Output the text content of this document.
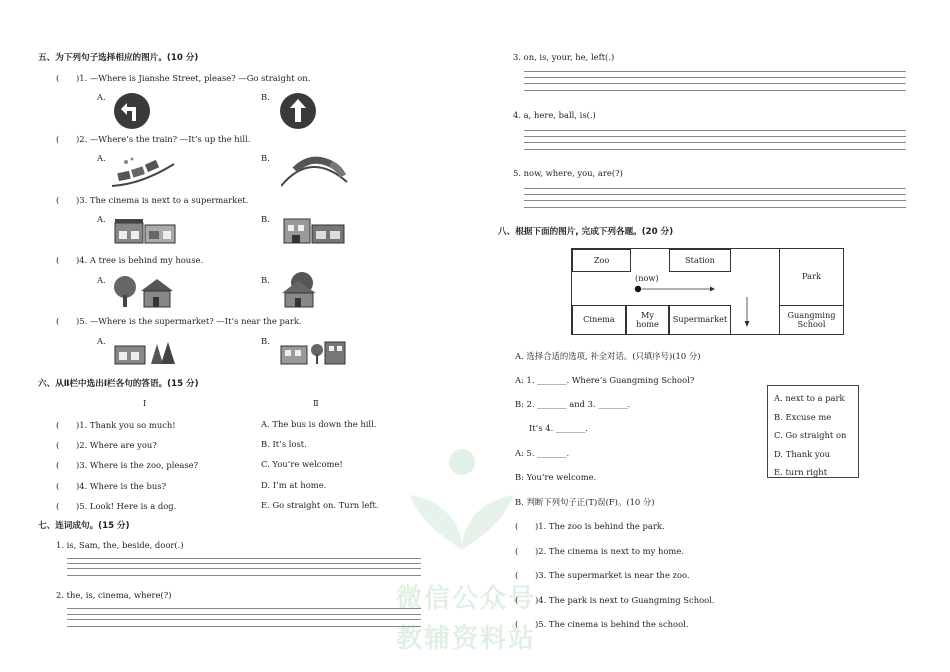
微信公众号
教辅资料站
五、为下列句子选择相应的图片。(10 分)
(　　)1. —Where is Jianshe Street, please? —Go straight on.
A.	B.
(　　)2. —Where’s the train? —It’s up the hill.
A.	B.
(　　)3. The cinema is next to a supermarket.
A.	B.
(　　)4. A tree is behind my house.
A.	B.
(　　)5. —Where is the supermarket? —It’s near the park.
A.	B.
六、从Ⅱ栏中选出Ⅰ栏各句的答语。(15 分)
Ⅰ	Ⅱ
(　　)1. Thank you so much!	A. The bus is down the hill.
(　　)2. Where are you?	B. It’s lost.
(　　)3. Where is the zoo, please?	C. You’re welcome!
(　　)4. Where is the bus?	D. I’m at home.
(　　)5. Look! Here is a dog.	E. Go straight on. Turn left.
七、连词成句。(15 分)
1. is, Sam, the, beside, door(.)
2. the, is, cinema, where(?)
3. on, is, your, he, left(.)
4. a, here, ball, is(.)
5. now, where, you, are(?)
八、根据下面的图片, 完成下列各题。(20 分)
Zoo	Station
Park
(now)
Cinema	My home	Supermarket	Guangming School
A. 选择合适的选项, 补全对话。(只填序号)(10 分)
A: 1. _______. Where’s Guangming School?
B: 2. _______ and 3. _______.
It’s 4. _______.
A: 5. _______.
B: You’re welcome.
A. next to a park
B. Excuse me
C. Go straight on
D. Thank you
E. turn right
B. 判断下列句子正(T)误(F)。(10 分)
(　　)1. The zoo is behind the park.
(　　)2. The cinema is next to my home.
(　　)3. The supermarket is near the zoo.
(　　)4. The park is next to Guangming School.
(　　)5. The cinema is behind the school.
